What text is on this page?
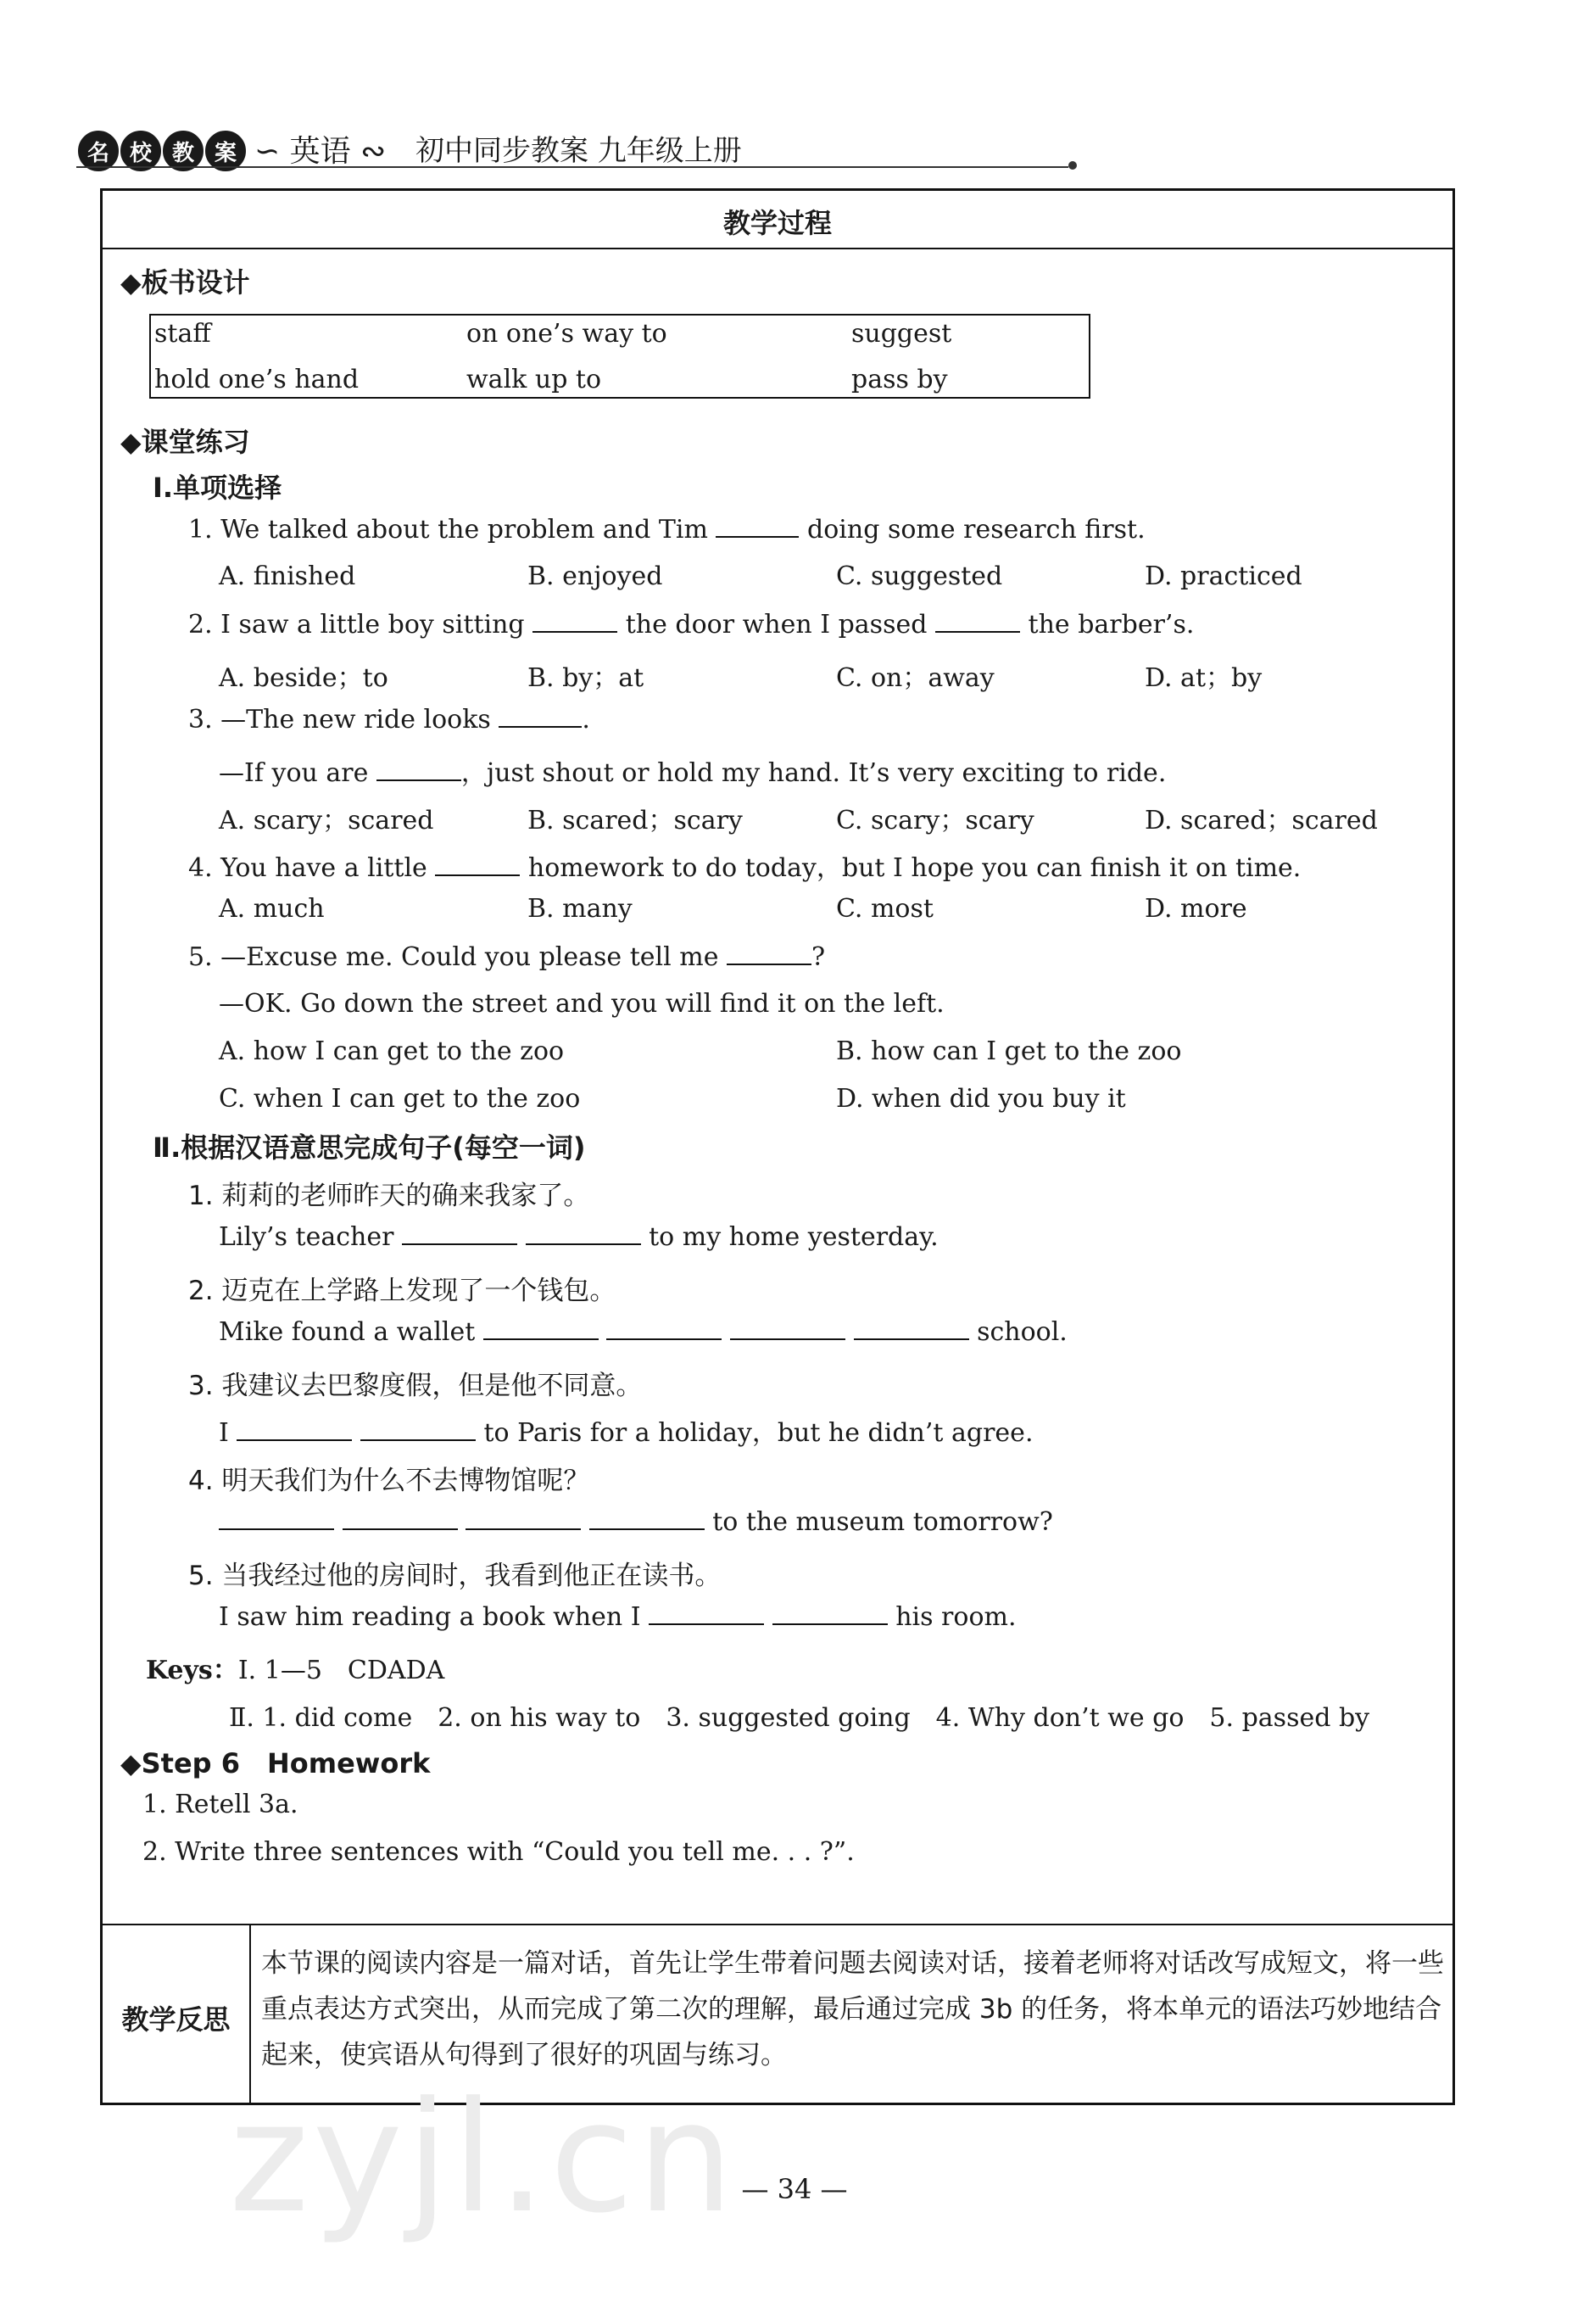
名 校 教 案 ∽ 英语 ∾ 初中同步教案 九年级上册
教学过程
◆板书设计
staff	on one’s way to	suggest
hold one’s hand	walk up to	pass by
◆课堂练习
Ⅰ.单项选择
1. We talked about the problem and Tim	doing some research first.
A. finished	B. enjoyed	C. suggested	D. practiced
2. I saw a little boy sitting	the door when I passed	the barber’s.
A. beside；to	B. by；at	C. on；away	D. at；by
3. —The new ride looks	.
—If you are	，just shout or hold my hand. It’s very exciting to ride.
A. scary；scared	B. scared；scary	C. scary；scary	D. scared；scared
4. You have a little	homework to do today，but I hope you can finish it on time.
A. much	B. many	C. most	D. more
5. —Excuse me. Could you please tell me	?
—OK. Go down the street and you will find it on the left.
A. how I can get to the zoo	B. how can I get to the zoo
C. when I can get to the zoo	D. when did you buy it
Ⅱ.根据汉语意思完成句子(每空一词)
1. 莉莉的老师昨天的确来我家了。
Lily’s teacher	to my home yesterday.
2. 迈克在上学路上发现了一个钱包。
Mike found a wallet	school.
3. 我建议去巴黎度假，但是他不同意。
I	to Paris for a holiday，but he didn’t agree.
4. 明天我们为什么不去博物馆呢？
to the museum tomorrow?
5. 当我经过他的房间时，我看到他正在读书。
I saw him reading a book when I	his room.
Keys：Ⅰ. 1—5　CDADA
Ⅱ. 1. did come　2. on his way to　3. suggested going　4. Why don’t we go　5. passed by
◆Step 6　Homework
1. Retell 3a.
2. Write three sentences with “Could you tell me. . . ?”.
教学反思
本节课的阅读内容是一篇对话，首先让学生带着问题去阅读对话，接着老师将对话改写成短文，将一些重点表达方式突出，从而完成了第二次的理解，最后通过完成 3b 的任务，将本单元的语法巧妙地结合起来，使宾语从句得到了很好的巩固与练习。
zyjl.cn — 34 —
